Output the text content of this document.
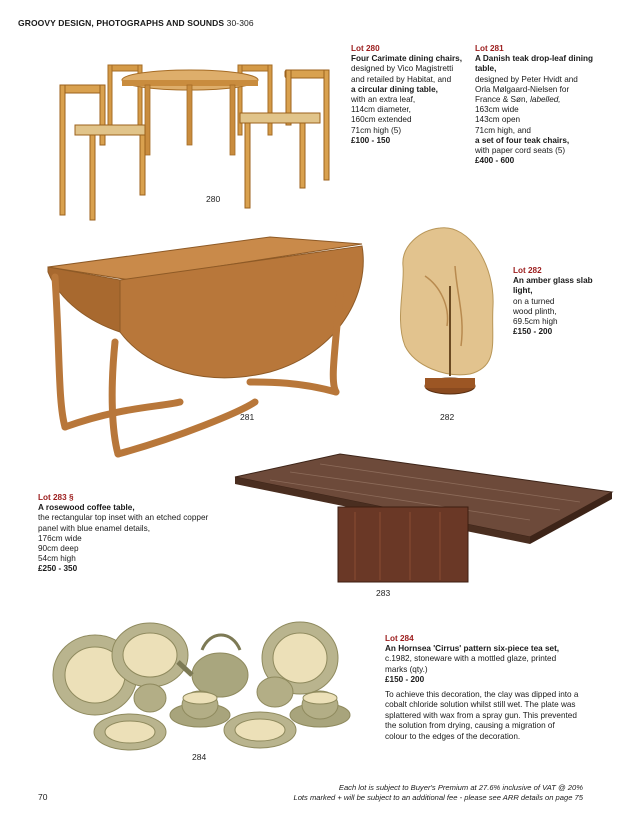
GROOVY DESIGN, PHOTOGRAPHS AND SOUNDS 30-306
280
Lot 280
Four Carimate dining chairs,
designed by Vico Magistretti
and retailed by Habitat, and
a circular dining table,
with an extra leaf,
114cm diameter,
160cm extended
71cm high (5)
£100 - 150
Lot 281
A Danish teak drop-leaf dining table,
designed by Peter Hvidt and
Orla Mølgaard-Nielsen for
France & Søn, labelled,
163cm wide
143cm open
71cm high, and
a set of four teak chairs,
with paper cord seats (5)
£400 - 600
281	282
Lot 282
An amber glass slab light,
on a turned
wood plinth,
69.5cm high
£150 - 200
283
Lot 283 §
A rosewood coffee table,
the rectangular top inset with an etched copper
panel with blue enamel details,
176cm wide
90cm deep
54cm high
£250 - 350
284
Lot 284
An Hornsea 'Cirrus' pattern six-piece tea set,
c.1982, stoneware with a mottled glaze, printed
marks (qty.)
£150 - 200
To achieve this decoration, the clay was dipped into a
cobalt chloride solution whilst still wet. The plate was
splattered with wax from a spray gun. This prevented
the solution from drying, causing a migration of
colour to the edges of the decoration.
70
Each lot is subject to Buyer's Premium at 27.6% inclusive of VAT @ 20%
Lots marked + will be subject to an additional fee - please see ARR details on page 75
